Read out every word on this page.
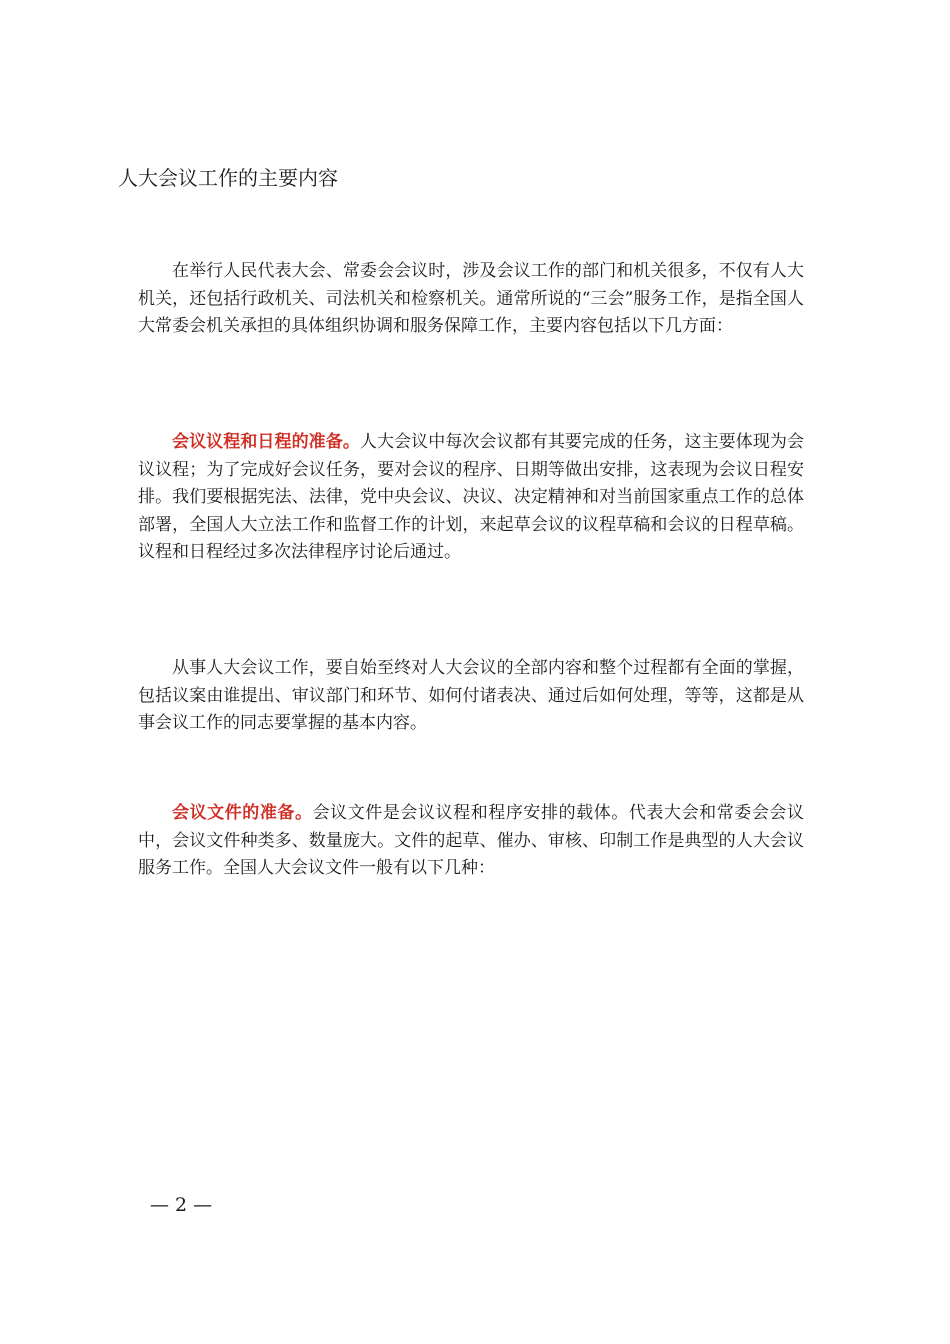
人大会议工作的主要内容

在举行人民代表大会、常委会会议时，涉及会议工作的部门和机关很多，不仅有人大机关，还包括行政机关、司法机关和检察机关。通常所说的“三会”服务工作，是指全国人大常委会机关承担的具体组织协调和服务保障工作，主要内容包括以下几方面：

会议议程和日程的准备。人大会议中每次会议都有其要完成的任务，这主要体现为会议议程；为了完成好会议任务，要对会议的程序、日期等做出安排，这表现为会议日程安排。我们要根据宪法、法律，党中央会议、决议、决定精神和对当前国家重点工作的总体部署，全国人大立法工作和监督工作的计划，来起草会议的议程草稿和会议的日程草稿。议程和日程经过多次法律程序讨论后通过。

从事人大会议工作，要自始至终对人大会议的全部内容和整个过程都有全面的掌握，包括议案由谁提出、审议部门和环节、如何付诸表决、通过后如何处理，等等，这都是从事会议工作的同志要掌握的基本内容。

会议文件的准备。会议文件是会议议程和程序安排的载体。代表大会和常委会会议中，会议文件种类多、数量庞大。文件的起草、催办、审核、印制工作是典型的人大会议服务工作。全国人大会议文件一般有以下几种：

— 2 —
